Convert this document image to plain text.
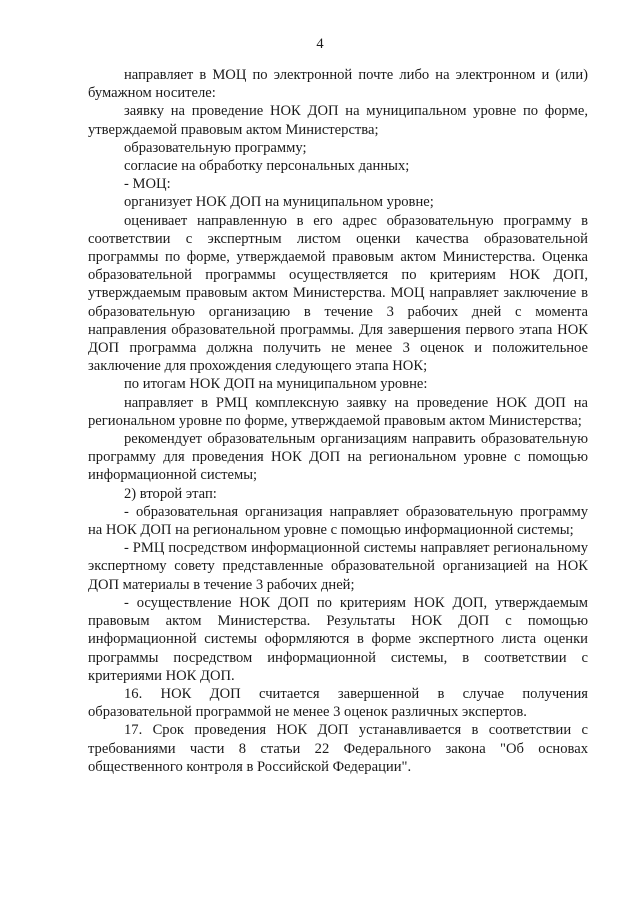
4

направляет в МОЦ по электронной почте либо на электронном и (или) бумажном носителе:

заявку на проведение НОК ДОП на муниципальном уровне по форме, утверждаемой правовым актом Министерства;

образовательную программу;

согласие на обработку персональных данных;

- МОЦ:

организует НОК ДОП на муниципальном уровне;

оценивает направленную в его адрес образовательную программу в соответствии с экспертным листом оценки качества образовательной программы по форме, утверждаемой правовым актом Министерства. Оценка образовательной программы осуществляется по критериям НОК ДОП, утверждаемым правовым актом Министерства. МОЦ направляет заключение в образовательную организацию в течение 3 рабочих дней с момента направления образовательной программы. Для завершения первого этапа НОК ДОП программа должна получить не менее 3 оценок и положительное заключение для прохождения следующего этапа НОК;

по итогам НОК ДОП на муниципальном уровне:

направляет в РМЦ комплексную заявку на проведение НОК ДОП на региональном уровне по форме, утверждаемой правовым актом Министерства;

рекомендует образовательным организациям направить образовательную программу для проведения НОК ДОП на региональном уровне с помощью информационной системы;

2) второй этап:

- образовательная организация направляет образовательную программу на НОК ДОП на региональном уровне с помощью информационной системы;

- РМЦ посредством информационной системы направляет региональному экспертному совету представленные образовательной организацией на НОК ДОП материалы в течение 3 рабочих дней;

- осуществление НОК ДОП по критериям НОК ДОП, утверждаемым правовым актом Министерства. Результаты НОК ДОП с помощью информационной системы оформляются в форме экспертного листа оценки программы посредством информационной системы, в соответствии с критериями НОК ДОП.

16. НОК ДОП считается завершенной в случае получения образовательной программой не менее 3 оценок различных экспертов.

17. Срок проведения НОК ДОП устанавливается в соответствии с требованиями части 8 статьи 22 Федерального закона "Об основах общественного контроля в Российской Федерации".
